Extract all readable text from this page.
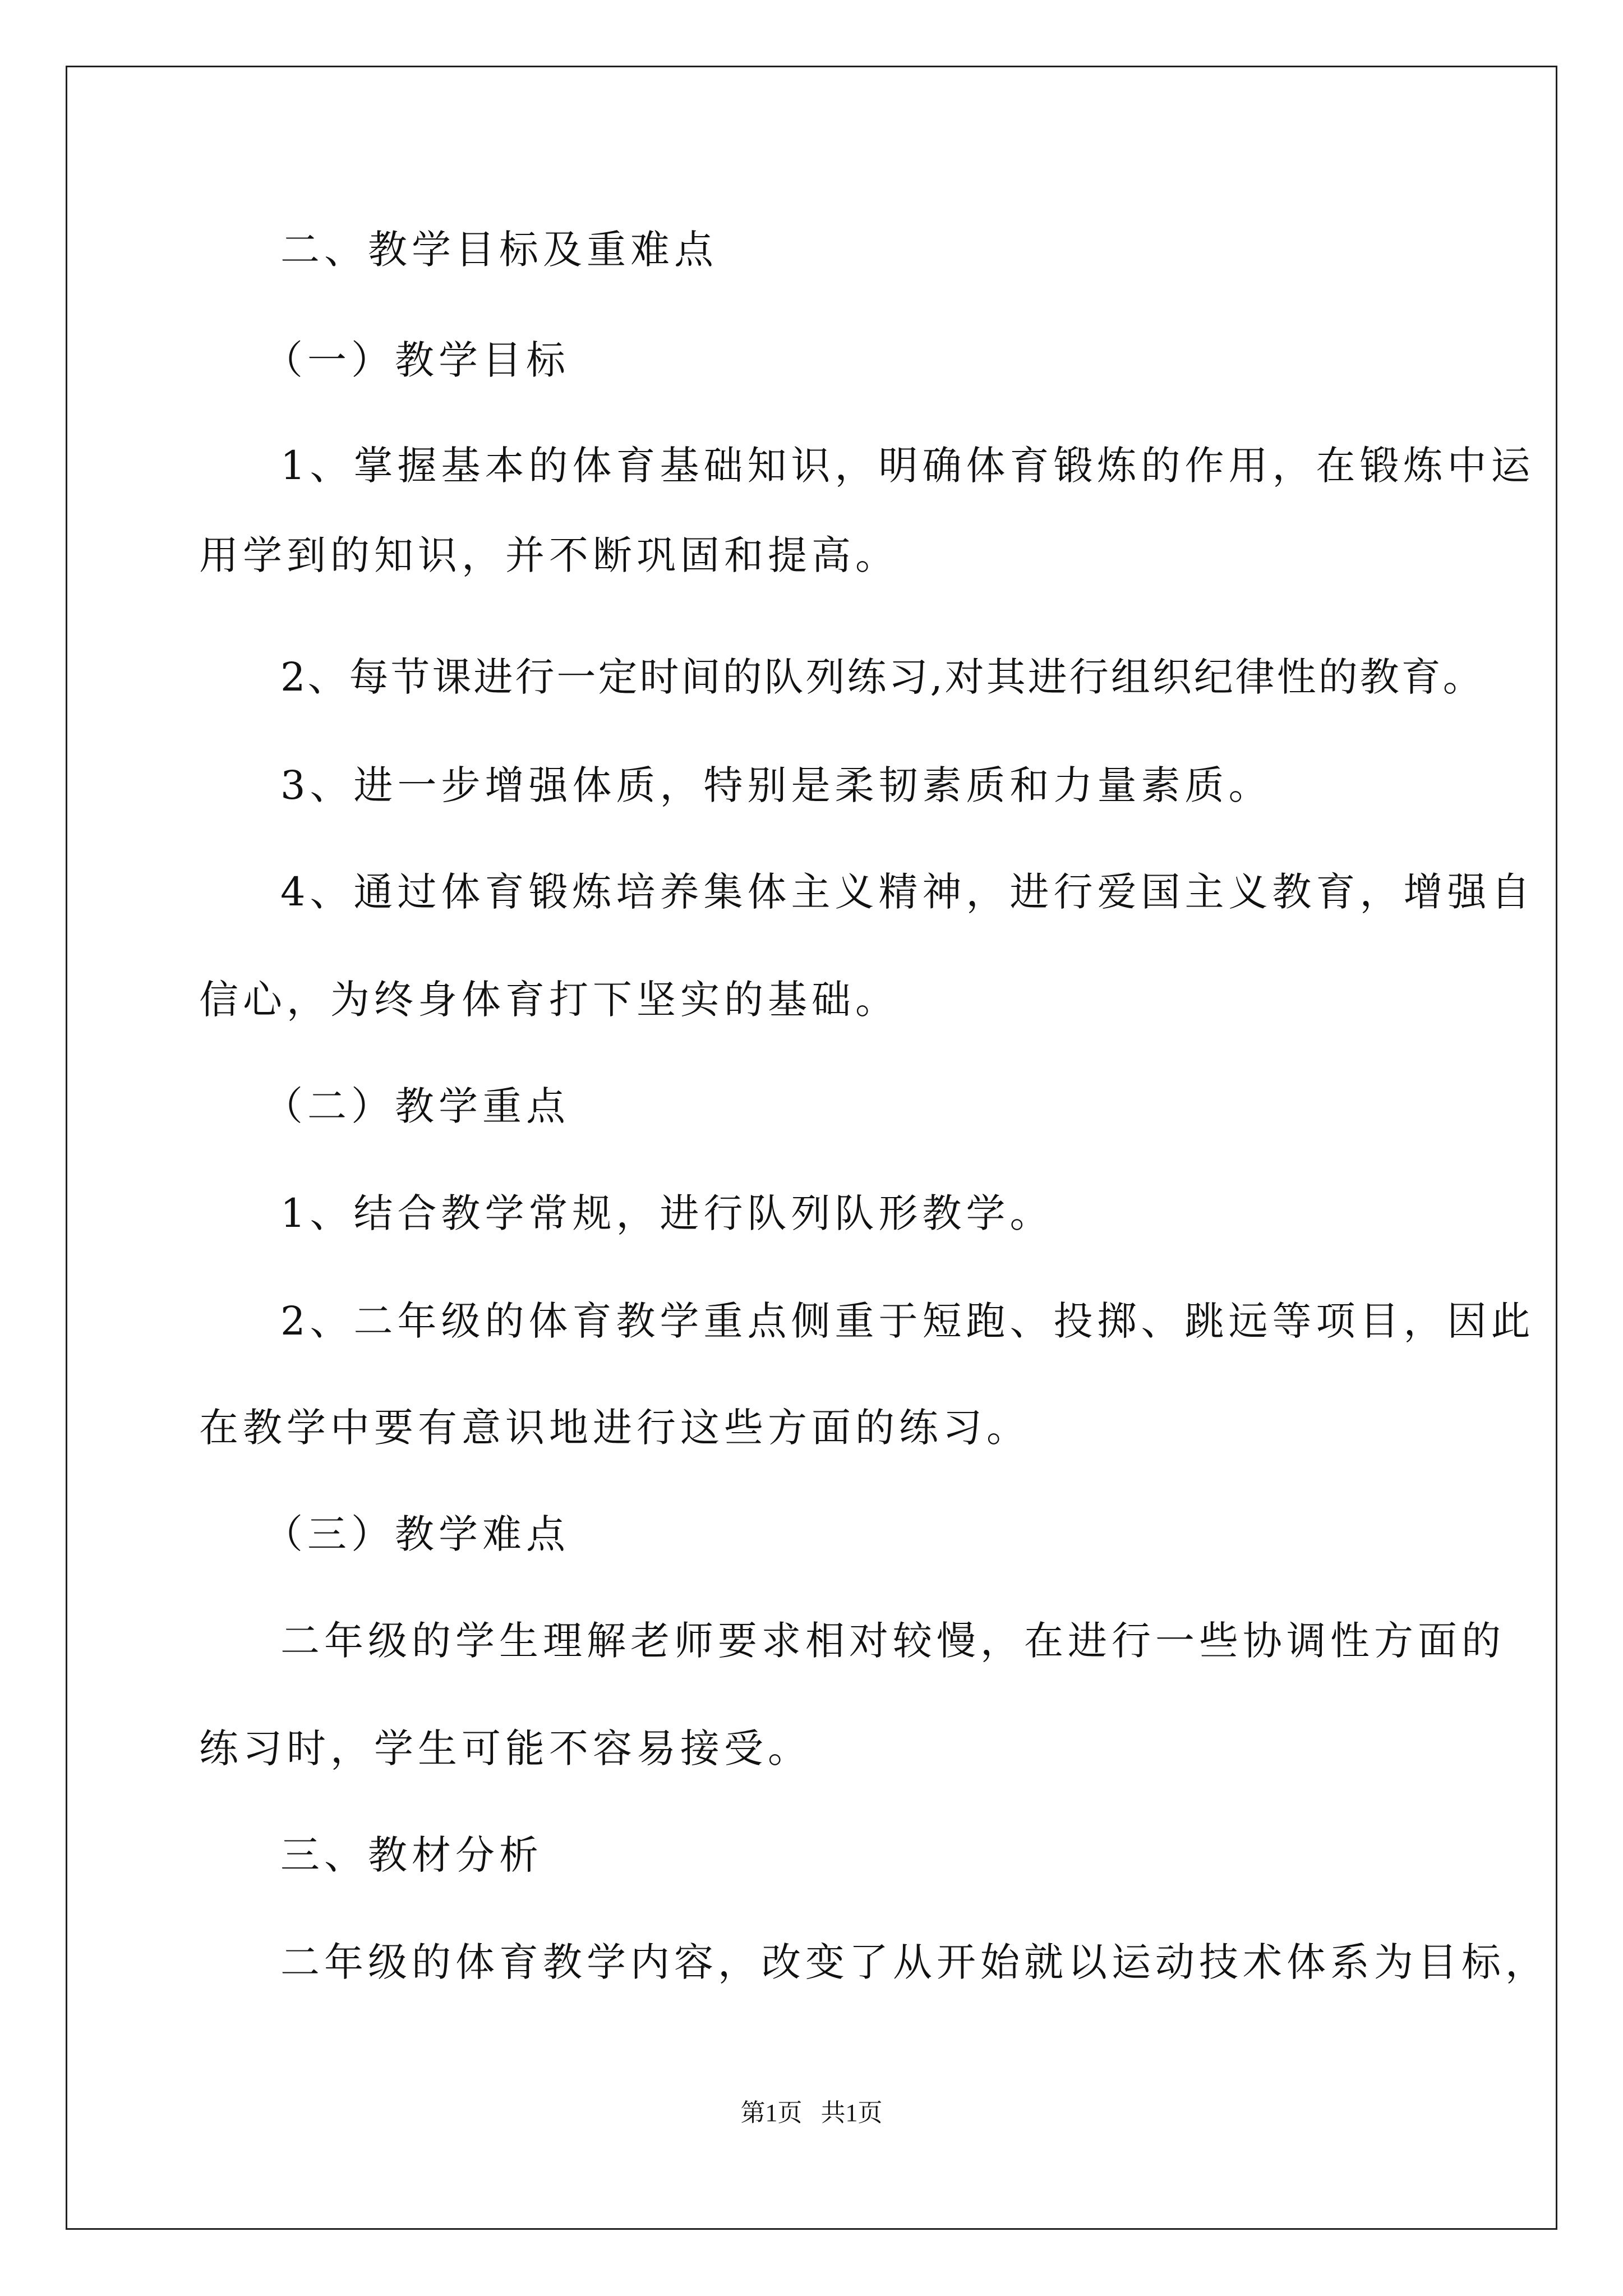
二、教学目标及重难点
（一）教学目标
1、掌握基本的体育基础知识，明确体育锻炼的作用，在锻炼中运
用学到的知识，并不断巩固和提高。
2、每节课进行一定时间的队列练习,对其进行组织纪律性的教育。
3、进一步增强体质，特别是柔韧素质和力量素质。
4、通过体育锻炼培养集体主义精神，进行爱国主义教育，增强自
信心，为终身体育打下坚实的基础。
（二）教学重点
1、结合教学常规，进行队列队形教学。
2、二年级的体育教学重点侧重于短跑、投掷、跳远等项目，因此
在教学中要有意识地进行这些方面的练习。
（三）教学难点
二年级的学生理解老师要求相对较慢，在进行一些协调性方面的
练习时，学生可能不容易接受。
三、教材分析
二年级的体育教学内容，改变了从开始就以运动技术体系为目标，
第1页   共1页
